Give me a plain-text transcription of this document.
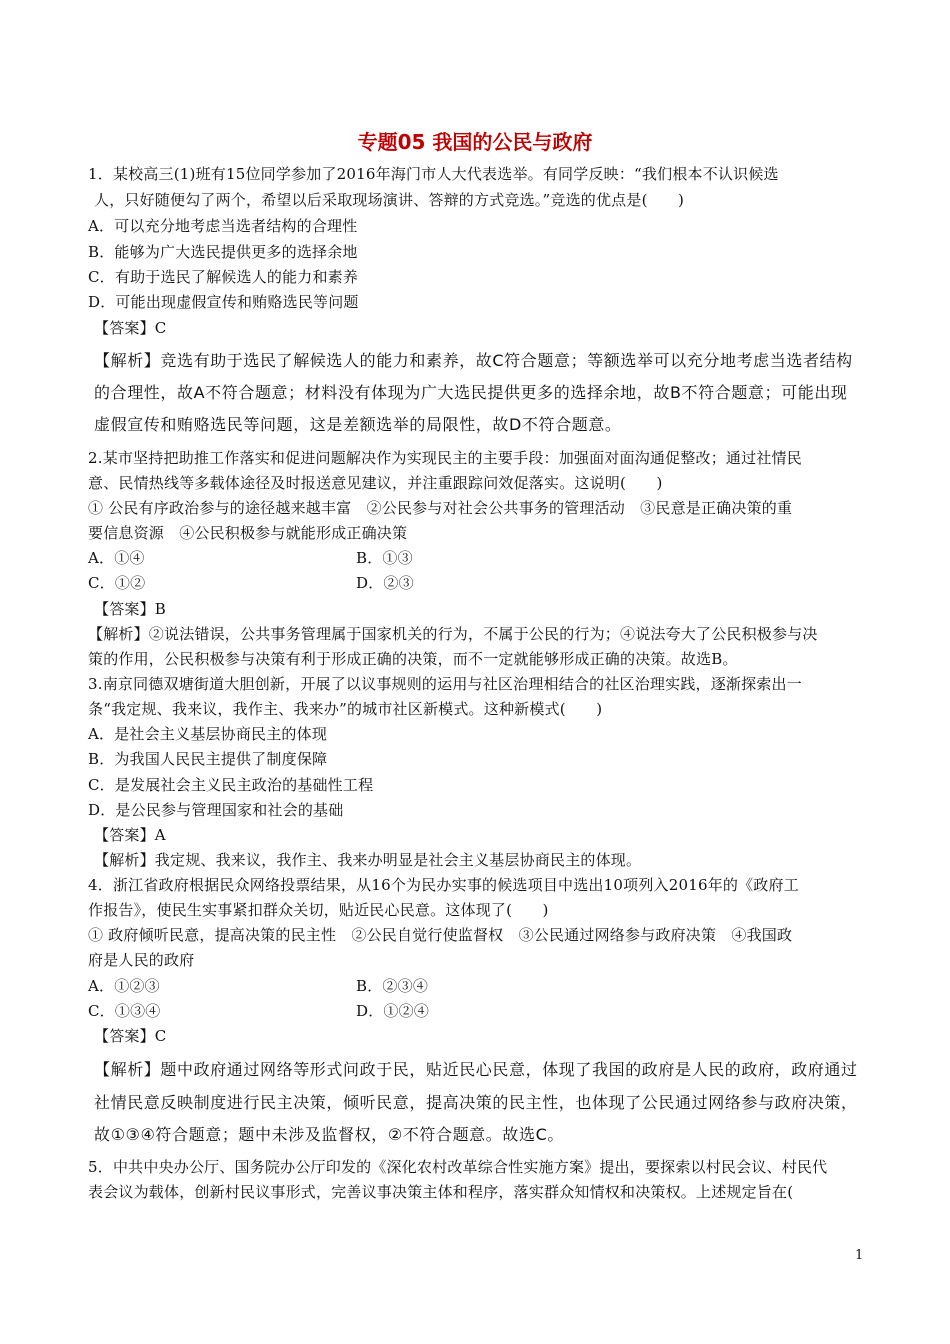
专题05 我国的公民与政府
1．某校高三(1)班有15位同学参加了2016年海门市人大代表选举。有同学反映：“我们根本不认识候选
人，只好随便勾了两个，希望以后采取现场演讲、答辩的方式竞选。”竞选的优点是(　　)
A．可以充分地考虑当选者结构的合理性
B．能够为广大选民提供更多的选择余地
C．有助于选民了解候选人的能力和素养
D．可能出现虚假宣传和贿赂选民等问题
【答案】C
【解析】竞选有助于选民了解候选人的能力和素养，故C符合题意；等额选举可以充分地考虑当选者结构
的合理性，故A不符合题意；材料没有体现为广大选民提供更多的选择余地，故B不符合题意；可能出现
虚假宣传和贿赂选民等问题，这是差额选举的局限性，故D不符合题意。
2.某市坚持把助推工作落实和促进问题解决作为实现民主的主要手段：加强面对面沟通促整改；通过社情民
意、民情热线等多载体途径及时报送意见建议，并注重跟踪问效促落实。这说明(　　)
① 公民有序政治参与的途径越来越丰富　②公民参与对社会公共事务的管理活动　③民意是正确决策的重
要信息资源　④公民积极参与就能形成正确决策
A．①④	B．①③
C．①②	D．②③
【答案】B
【解析】②说法错误，公共事务管理属于国家机关的行为，不属于公民的行为；④说法夸大了公民积极参与决
策的作用，公民积极参与决策有利于形成正确的决策，而不一定就能够形成正确的决策。故选B。
3.南京同德双塘街道大胆创新，开展了以议事规则的运用与社区治理相结合的社区治理实践，逐渐探索出一
条“我定规、我来议，我作主、我来办”的城市社区新模式。这种新模式(　　)
A．是社会主义基层协商民主的体现
B．为我国人民民主提供了制度保障
C．是发展社会主义民主政治的基础性工程
D．是公民参与管理国家和社会的基础
【答案】A
【解析】我定规、我来议，我作主、我来办明显是社会主义基层协商民主的体现。
4．浙江省政府根据民众网络投票结果，从16个为民办实事的候选项目中选出10项列入2016年的《政府工
作报告》，使民生实事紧扣群众关切，贴近民心民意。这体现了(　　)
① 政府倾听民意，提高决策的民主性　②公民自觉行使监督权　③公民通过网络参与政府决策　④我国政
府是人民的政府
A．①②③	B．②③④
C．①③④	D．①②④
【答案】C
【解析】题中政府通过网络等形式问政于民，贴近民心民意，体现了我国的政府是人民的政府，政府通过
社情民意反映制度进行民主决策，倾听民意，提高决策的民主性，也体现了公民通过网络参与政府决策，
故①③④符合题意；题中未涉及监督权，②不符合题意。故选C。
5．中共中央办公厅、国务院办公厅印发的《深化农村改革综合性实施方案》提出，要探索以村民会议、村民代
表会议为载体，创新村民议事形式，完善议事决策主体和程序，落实群众知情权和决策权。上述规定旨在(
1
